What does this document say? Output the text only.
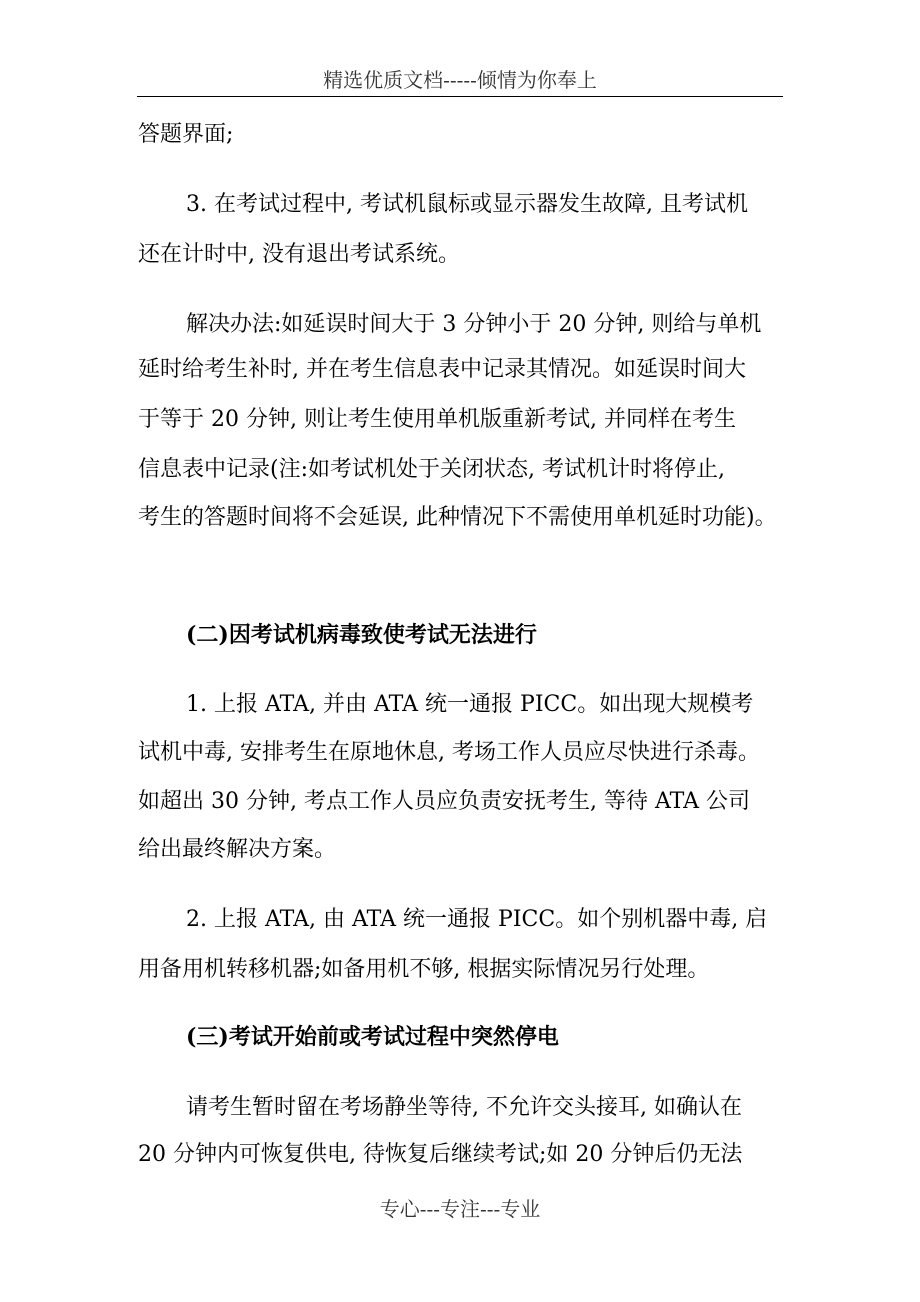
精选优质文档-----倾情为你奉上
答题界面;
3. 在考试过程中, 考试机鼠标或显示器发生故障, 且考试机
还在计时中, 没有退出考试系统。
解决办法:如延误时间大于 3 分钟小于 20 分钟, 则给与单机
延时给考生补时, 并在考生信息表中记录其情况。如延误时间大
于等于 20 分钟, 则让考生使用单机版重新考试, 并同样在考生
信息表中记录(注:如考试机处于关闭状态, 考试机计时将停止,
考生的答题时间将不会延误, 此种情况下不需使用单机延时功能)。
(二)因考试机病毒致使考试无法进行
1. 上报 ATA, 并由 ATA 统一通报 PICC。如出现大规模考
试机中毒, 安排考生在原地休息, 考场工作人员应尽快进行杀毒。
如超出 30 分钟, 考点工作人员应负责安抚考生, 等待 ATA 公司
给出最终解决方案。
2. 上报 ATA, 由 ATA 统一通报 PICC。如个别机器中毒, 启
用备用机转移机器;如备用机不够, 根据实际情况另行处理。
(三)考试开始前或考试过程中突然停电
请考生暂时留在考场静坐等待, 不允许交头接耳, 如确认在
20 分钟内可恢复供电, 待恢复后继续考试;如 20 分钟后仍无法
专心---专注---专业
